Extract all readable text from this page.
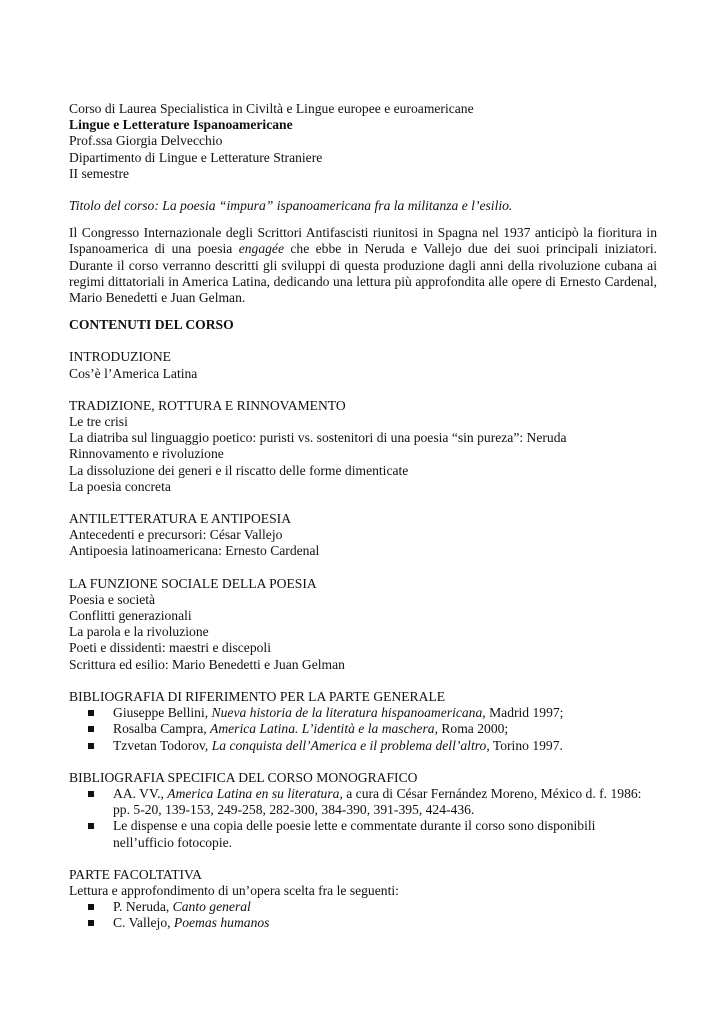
Corso di Laurea Specialistica in Civiltà e Lingue europee e euroamericane

Lingue e Letterature Ispanoamericane

Prof.ssa Giorgia Delvecchio

Dipartimento di Lingue e Letterature Straniere

II semestre

Titolo del corso: La poesia “impura” ispanoamericana fra la militanza e l’esilio.

Il Congresso Internazionale degli Scrittori Antifascisti riunitosi in Spagna nel 1937 anticipò la fioritura in Ispanoamerica di una poesia engagée che ebbe in Neruda e Vallejo due dei suoi principali iniziatori. Durante il corso verranno descritti gli sviluppi di questa produzione dagli anni della rivoluzione cubana ai regimi dittatoriali in America Latina, dedicando una lettura più approfondita alle opere di Ernesto Cardenal, Mario Benedetti e Juan Gelman.

CONTENUTI DEL CORSO

INTRODUZIONE

Cos’è l’America Latina

TRADIZIONE, ROTTURA E RINNOVAMENTO

Le tre crisi

La diatriba sul linguaggio poetico: puristi vs. sostenitori di una poesia “sin pureza”: Neruda

Rinnovamento e rivoluzione

La dissoluzione dei generi e il riscatto delle forme dimenticate

La poesia concreta

ANTILETTERATURA E ANTIPOESIA

Antecedenti e precursori: César Vallejo

Antipoesia latinoamericana: Ernesto Cardenal

LA FUNZIONE SOCIALE DELLA POESIA

Poesia e società

Conflitti generazionali

La parola e la rivoluzione

Poeti e dissidenti: maestri e discepoli

Scrittura ed esilio: Mario Benedetti e Juan Gelman

BIBLIOGRAFIA DI RIFERIMENTO PER LA PARTE GENERALE

Giuseppe Bellini, Nueva historia de la literatura hispanoamericana, Madrid 1997;
Rosalba Campra, America Latina. L’identità e la maschera, Roma 2000;
Tzvetan Todorov, La conquista dell’America e il problema dell’altro, Torino 1997.

BIBLIOGRAFIA SPECIFICA DEL CORSO MONOGRAFICO

AA. VV., America Latina en su literatura, a cura di César Fernández Moreno, México d. f. 1986: pp. 5-20, 139-153, 249-258, 282-300, 384-390, 391-395, 424-436.
Le dispense e una copia delle poesie lette e commentate durante il corso sono disponibili nell’ufficio fotocopie.

PARTE FACOLTATIVA

Lettura e approfondimento di un’opera scelta fra le seguenti:

P. Neruda, Canto general
C. Vallejo, Poemas humanos
